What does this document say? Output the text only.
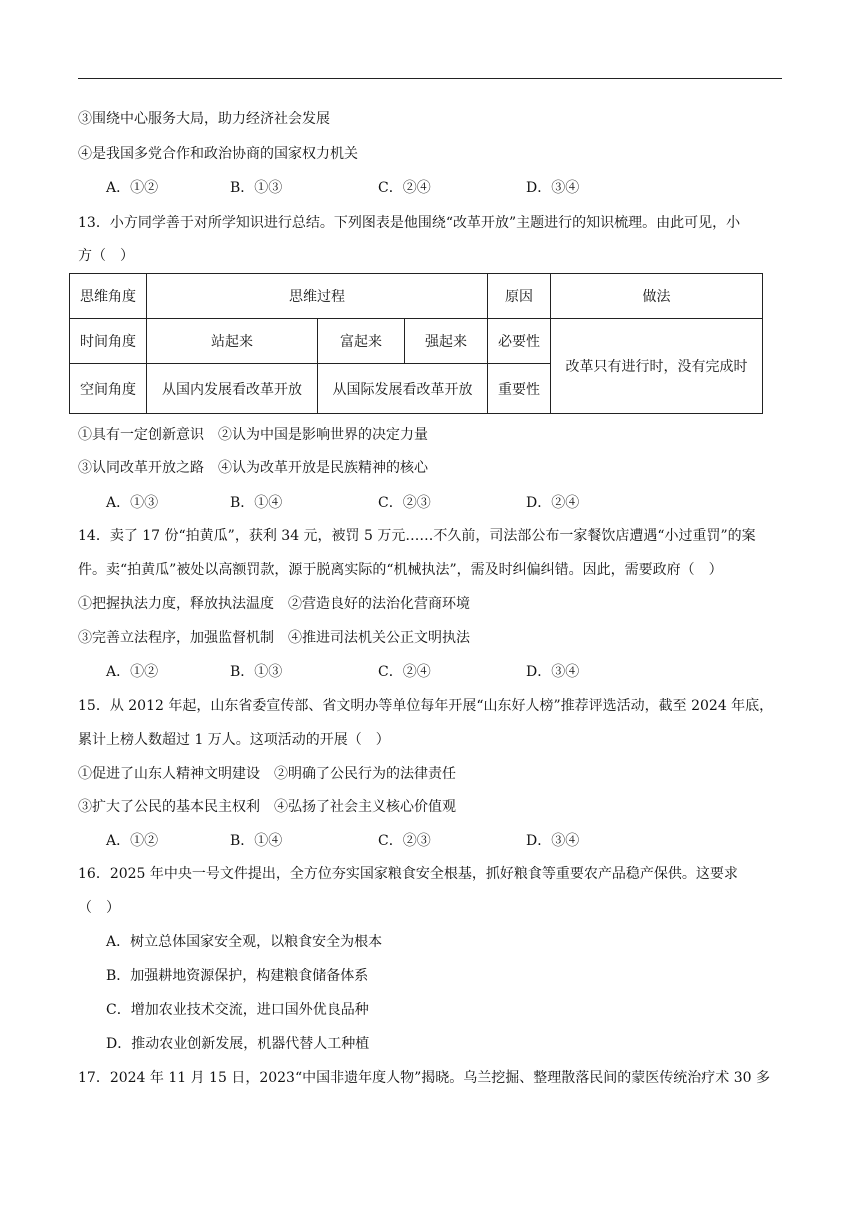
③围绕中心服务大局，助力经济社会发展
④是我国多党合作和政治协商的国家权力机关
A．①②	B．①③	C．②④	D．③④
13．小方同学善于对所学知识进行总结。下列图表是他围绕“改革开放”主题进行的知识梳理。由此可见，小
方（　）
思维角度	思维过程			原因	做法
时间角度	站起来	富起来	强起来	必要性	改革只有进行时，没有完成时
空间角度	从国内发展看改革开放	从国际发展看改革开放		重要性	
①具有一定创新意识　②认为中国是影响世界的决定力量
③认同改革开放之路　④认为改革开放是民族精神的核心
A．①③	B．①④	C．②③	D．②④
14．卖了 17 份“拍黄瓜”，获利 34 元，被罚 5 万元……不久前，司法部公布一家餐饮店遭遇“小过重罚”的案
件。卖“拍黄瓜”被处以高额罚款，源于脱离实际的“机械执法”，需及时纠偏纠错。因此，需要政府（　）
①把握执法力度，释放执法温度　②营造良好的法治化营商环境
③完善立法程序，加强监督机制　④推进司法机关公正文明执法
A．①②	B．①③	C．②④	D．③④
15．从 2012 年起，山东省委宣传部、省文明办等单位每年开展“山东好人榜”推荐评选活动，截至 2024 年底，
累计上榜人数超过 1 万人。这项活动的开展（　）
①促进了山东人精神文明建设　②明确了公民行为的法律责任
③扩大了公民的基本民主权利　④弘扬了社会主义核心价值观
A．①②	B．①④	C．②③	D．③④
16．2025 年中央一号文件提出，全方位夯实国家粮食安全根基，抓好粮食等重要农产品稳产保供。这要求
（　）
A．树立总体国家安全观，以粮食安全为根本
B．加强耕地资源保护，构建粮食储备体系
C．增加农业技术交流，进口国外优良品种
D．推动农业创新发展，机器代替人工种植
17．2024 年 11 月 15 日，2023“中国非遗年度人物”揭晓。乌兰挖掘、整理散落民间的蒙医传统治疗术 30 多
